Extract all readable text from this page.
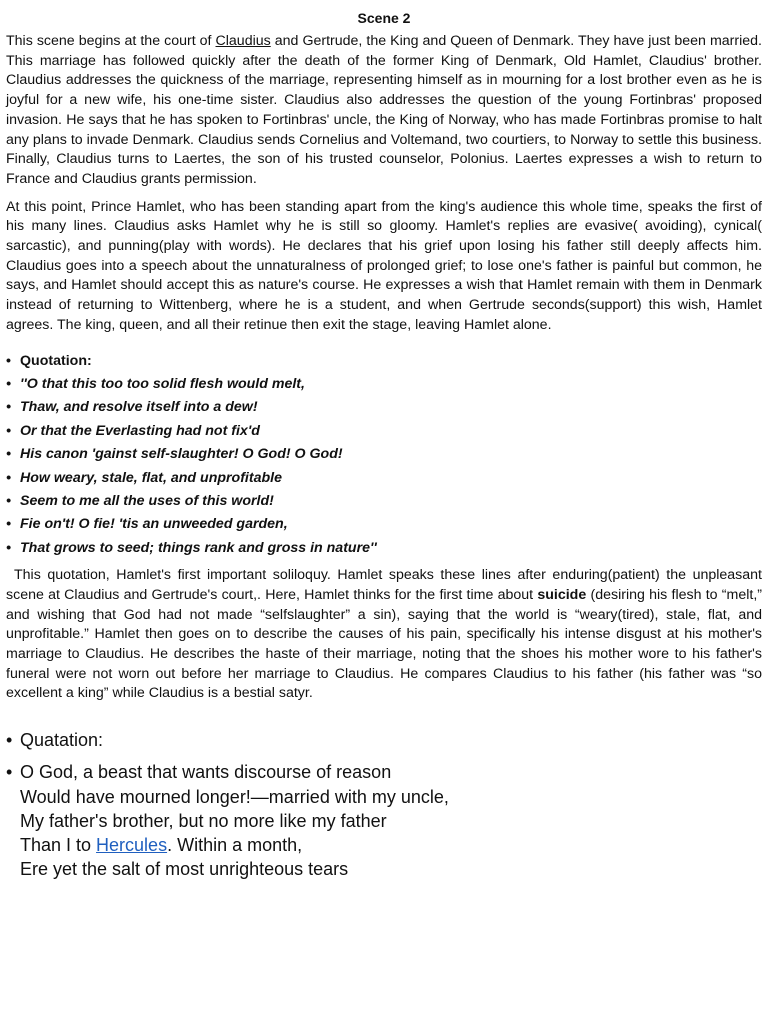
Scene 2

This scene begins at the court of Claudius and Gertrude, the King and Queen of Denmark. They have just been married. This marriage has followed quickly after the death of the former King of Denmark, Old Hamlet, Claudius' brother. Claudius addresses the quickness of the marriage, representing himself as in mourning for a lost brother even as he is joyful for a new wife, his one-time sister. Claudius also addresses the question of the young Fortinbras' proposed invasion. He says that he has spoken to Fortinbras' uncle, the King of Norway, who has made Fortinbras promise to halt any plans to invade Denmark. Claudius sends Cornelius and Voltemand, two courtiers, to Norway to settle this business. Finally, Claudius turns to Laertes, the son of his trusted counselor, Polonius. Laertes expresses a wish to return to France and Claudius grants permission.

At this point, Prince Hamlet, who has been standing apart from the king's audience this whole time, speaks the first of his many lines. Claudius asks Hamlet why he is still so gloomy. Hamlet's replies are evasive( avoiding), cynical( sarcastic), and punning(play with words). He declares that his grief upon losing his father still deeply affects him. Claudius goes into a speech about the unnaturalness of prolonged grief; to lose one's father is painful but common, he says, and Hamlet should accept this as nature's course. He expresses a wish that Hamlet remain with them in Denmark instead of returning to Wittenberg, where he is a student, and when Gertrude seconds(support) this wish, Hamlet agrees. The king, queen, and all their retinue then exit the stage, leaving Hamlet alone.

• Quotation:
• ''O that this too too solid flesh would melt,
• Thaw, and resolve itself into a dew!
• Or that the Everlasting had not fix'd
• His canon 'gainst self-slaughter! O God! O God!
• How weary, stale, flat, and unprofitable
• Seem to me all the uses of this world!
• Fie on't! O fie! 'tis an unweeded garden,
• That grows to seed; things rank and gross in nature''

This quotation, Hamlet's first important soliloquy. Hamlet speaks these lines after enduring(patient) the unpleasant scene at Claudius and Gertrude's court,. Here, Hamlet thinks for the first time about suicide (desiring his flesh to “melt,” and wishing that God had not made “selfslaughter” a sin), saying that the world is “weary(tired), stale, flat, and unprofitable.” Hamlet then goes on to describe the causes of his pain, specifically his intense disgust at his mother's marriage to Claudius. He describes the haste of their marriage, noting that the shoes his mother wore to his father's funeral were not worn out before her marriage to Claudius. He compares Claudius to his father (his father was “so excellent a king” while Claudius is a bestial satyr.

• Quatation:
• O God, a beast that wants discourse of reason
Would have mourned longer!—married with my uncle,
My father's brother, but no more like my father
Than I to Hercules. Within a month,
Ere yet the salt of most unrighteous tears
